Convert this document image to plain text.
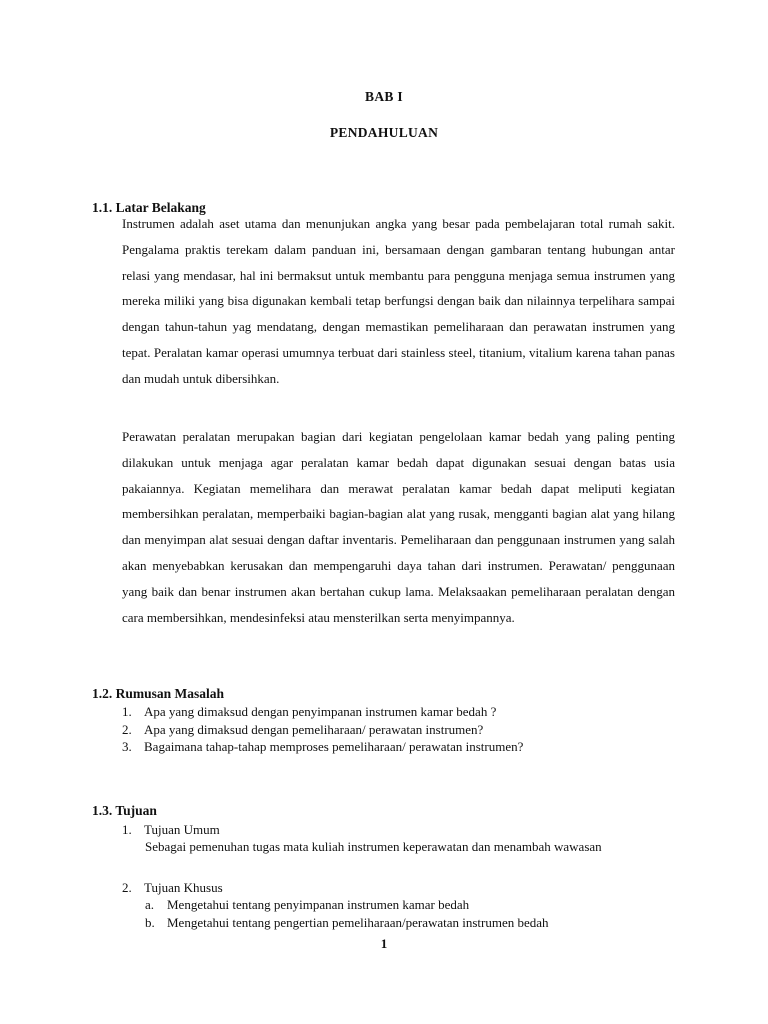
BAB I
PENDAHULUAN
1.1. Latar Belakang

Instrumen adalah aset utama dan menunjukan angka yang besar pada pembelajaran total rumah sakit. Pengalama praktis terekam dalam panduan ini, bersamaan dengan gambaran tentang hubungan antar relasi yang mendasar, hal ini bermaksut untuk membantu para pengguna menjaga semua instrumen yang mereka miliki yang bisa digunakan kembali tetap berfungsi dengan baik dan nilainnya terpelihara sampai dengan tahun-tahun yag mendatang, dengan memastikan pemeliharaan dan perawatan instrumen yang tepat. Peralatan kamar operasi umumnya terbuat dari stainless steel, titanium, vitalium karena tahan panas dan mudah untuk dibersihkan.

Perawatan peralatan merupakan bagian dari kegiatan pengelolaan kamar bedah yang paling penting dilakukan untuk menjaga agar peralatan kamar bedah dapat digunakan sesuai dengan batas usia pakaiannya. Kegiatan memelihara dan merawat peralatan kamar bedah dapat meliputi kegiatan membersihkan peralatan, memperbaiki bagian-bagian alat yang rusak, mengganti bagian alat yang hilang dan menyimpan alat sesuai dengan daftar inventaris. Pemeliharaan dan penggunaan instrumen yang salah akan menyebabkan kerusakan dan mempengaruhi daya tahan dari instrumen. Perawatan/ penggunaan yang baik dan benar instrumen akan bertahan cukup lama. Melaksaakan pemeliharaan peralatan dengan cara membersihkan, mendesinfeksi atau mensterilkan serta menyimpannya.

1.2. Rumusan Masalah
1. Apa yang dimaksud dengan penyimpanan instrumen kamar bedah ?
2. Apa yang dimaksud dengan pemeliharaan/ perawatan instrumen?
3. Bagaimana tahap-tahap memproses pemeliharaan/ perawatan instrumen?
1.3. Tujuan
1. Tujuan Umum

Sebagai pemenuhan tugas mata kuliah instrumen keperawatan dan menambah wawasan

2. Tujuan Khusus
a. Mengetahui tentang penyimpanan instrumen kamar bedah
b. Mengetahui tentang pengertian pemeliharaan/perawatan instrumen bedah
1
